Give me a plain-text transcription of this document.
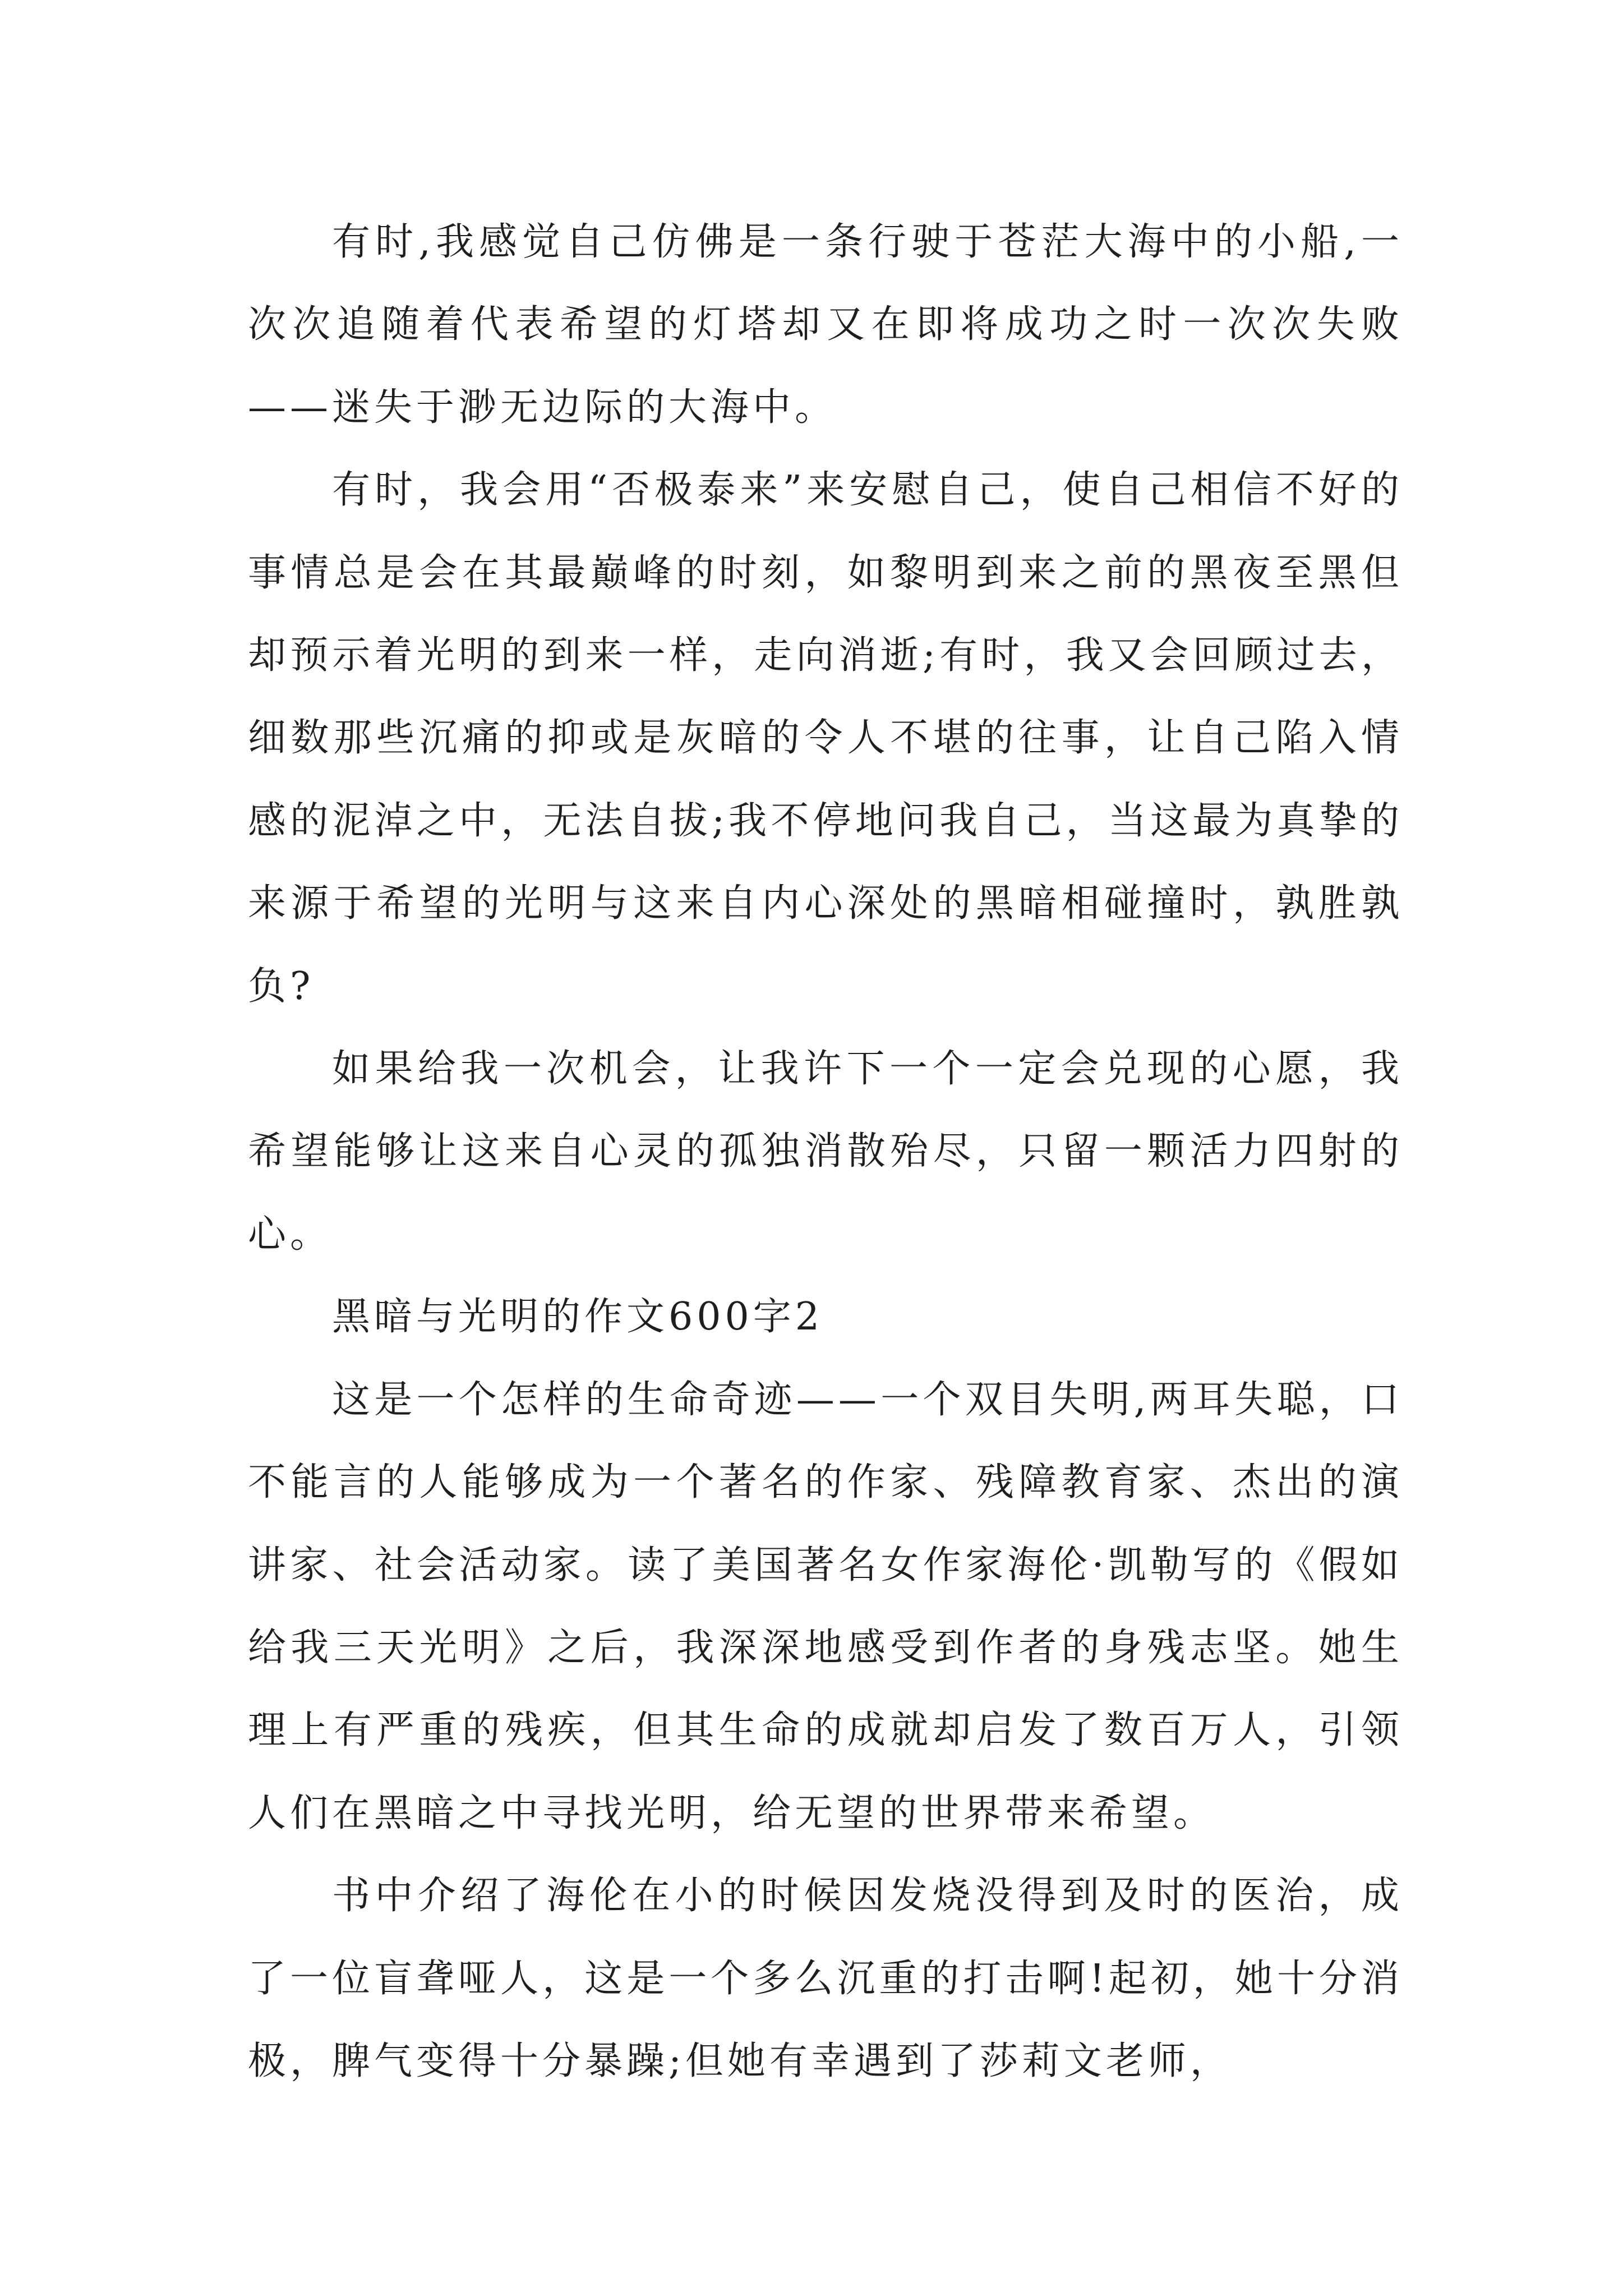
有时,我感觉自己仿佛是一条行驶于苍茫大海中的小船,一次次追随着代表希望的灯塔却又在即将成功之时一次次失败——迷失于渺无边际的大海中。

有时，我会用“否极泰来”来安慰自己，使自己相信不好的事情总是会在其最巅峰的时刻，如黎明到来之前的黑夜至黑但却预示着光明的到来一样，走向消逝;有时，我又会回顾过去，细数那些沉痛的抑或是灰暗的令人不堪的往事，让自己陷入情感的泥淖之中，无法自拔;我不停地问我自己，当这最为真挚的来源于希望的光明与这来自内心深处的黑暗相碰撞时，孰胜孰负?

如果给我一次机会，让我许下一个一定会兑现的心愿，我希望能够让这来自心灵的孤独消散殆尽，只留一颗活力四射的心。

黑暗与光明的作文600字2

这是一个怎样的生命奇迹——一个双目失明,两耳失聪，口不能言的人能够成为一个著名的作家、残障教育家、杰出的演讲家、社会活动家。读了美国著名女作家海伦·凯勒写的《假如给我三天光明》之后，我深深地感受到作者的身残志坚。她生理上有严重的残疾，但其生命的成就却启发了数百万人，引领人们在黑暗之中寻找光明，给无望的世界带来希望。

书中介绍了海伦在小的时候因发烧没得到及时的医治，成了一位盲聋哑人，这是一个多么沉重的打击啊!起初，她十分消极，脾气变得十分暴躁;但她有幸遇到了莎莉文老师，
